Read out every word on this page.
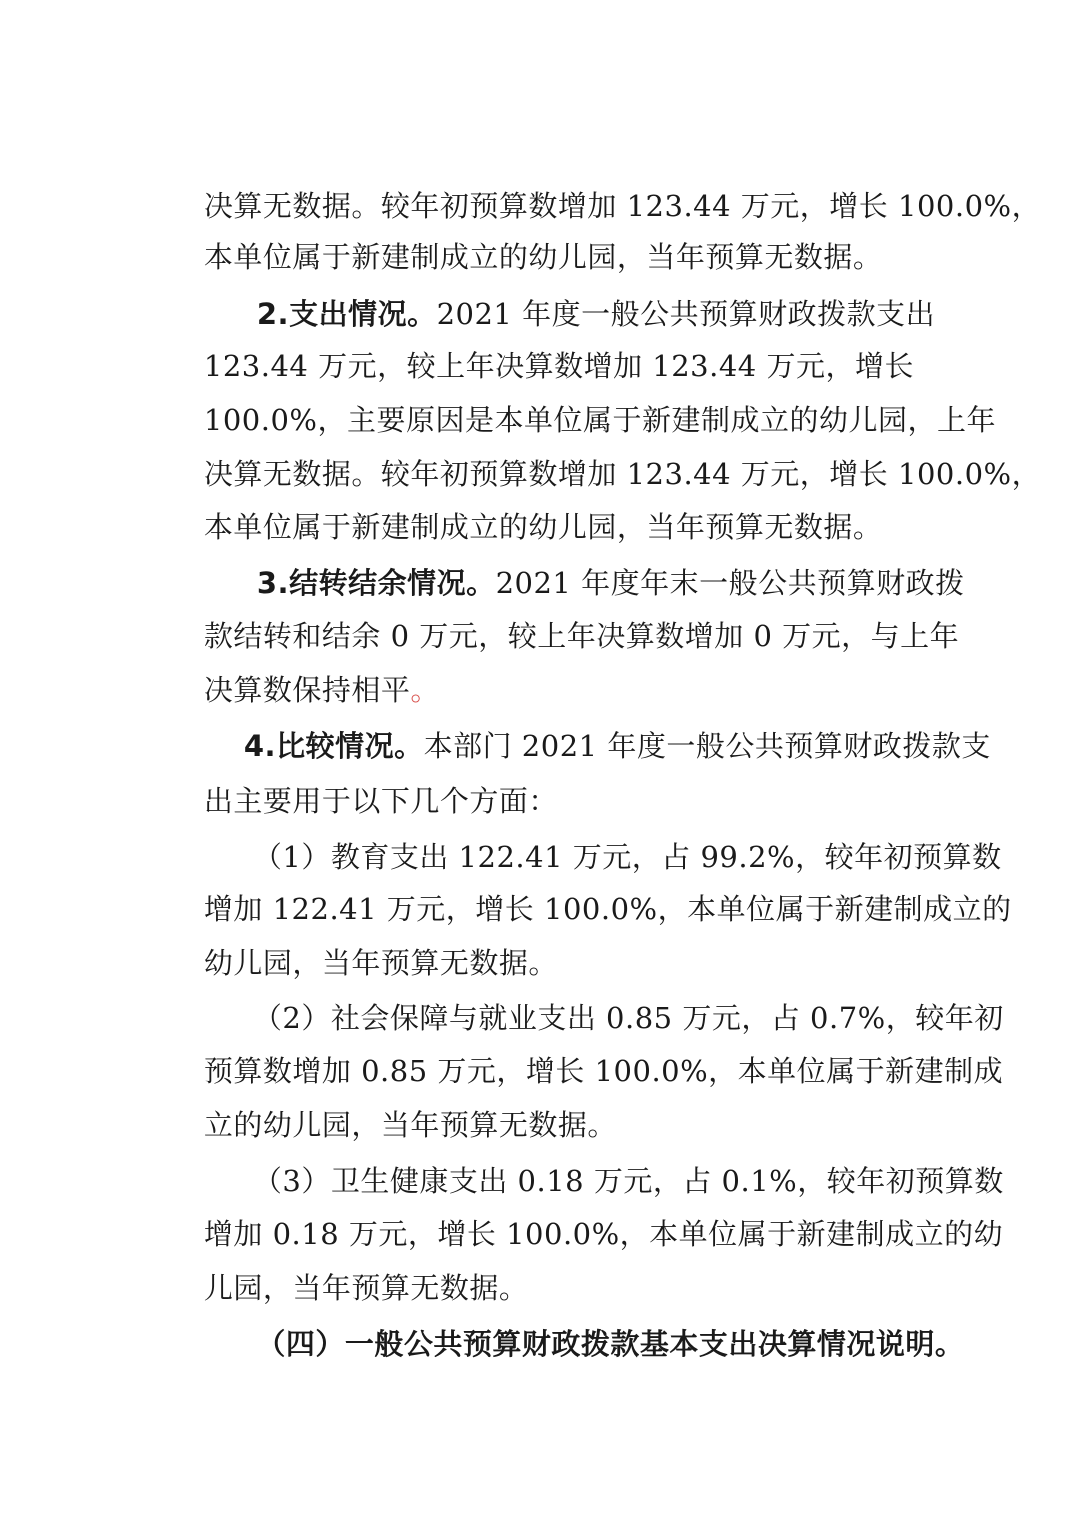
决算无数据。较年初预算数增加 123.44 万元，增长 100.0%，

本单位属于新建制成立的幼儿园，当年预算无数据。

2.支出情况。2021 年度一般公共预算财政拨款支出

123.44 万元，较上年决算数增加 123.44 万元，增长

100.0%，主要原因是本单位属于新建制成立的幼儿园，上年

决算无数据。较年初预算数增加 123.44 万元，增长 100.0%，

本单位属于新建制成立的幼儿园，当年预算无数据。

3.结转结余情况。2021 年度年末一般公共预算财政拨

款结转和结余 0 万元，较上年决算数增加 0 万元，与上年

决算数保持相平。

4.比较情况。本部门 2021 年度一般公共预算财政拨款支

出主要用于以下几个方面：

（1）教育支出 122.41 万元，占 99.2%，较年初预算数

增加 122.41 万元，增长 100.0%，本单位属于新建制成立的

幼儿园，当年预算无数据。

（2）社会保障与就业支出 0.85 万元，占 0.7%，较年初

预算数增加 0.85 万元，增长 100.0%，本单位属于新建制成

立的幼儿园，当年预算无数据。

（3）卫生健康支出 0.18 万元，占 0.1%，较年初预算数

增加 0.18 万元，增长 100.0%，本单位属于新建制成立的幼

儿园，当年预算无数据。

（四）一般公共预算财政拨款基本支出决算情况说明。
